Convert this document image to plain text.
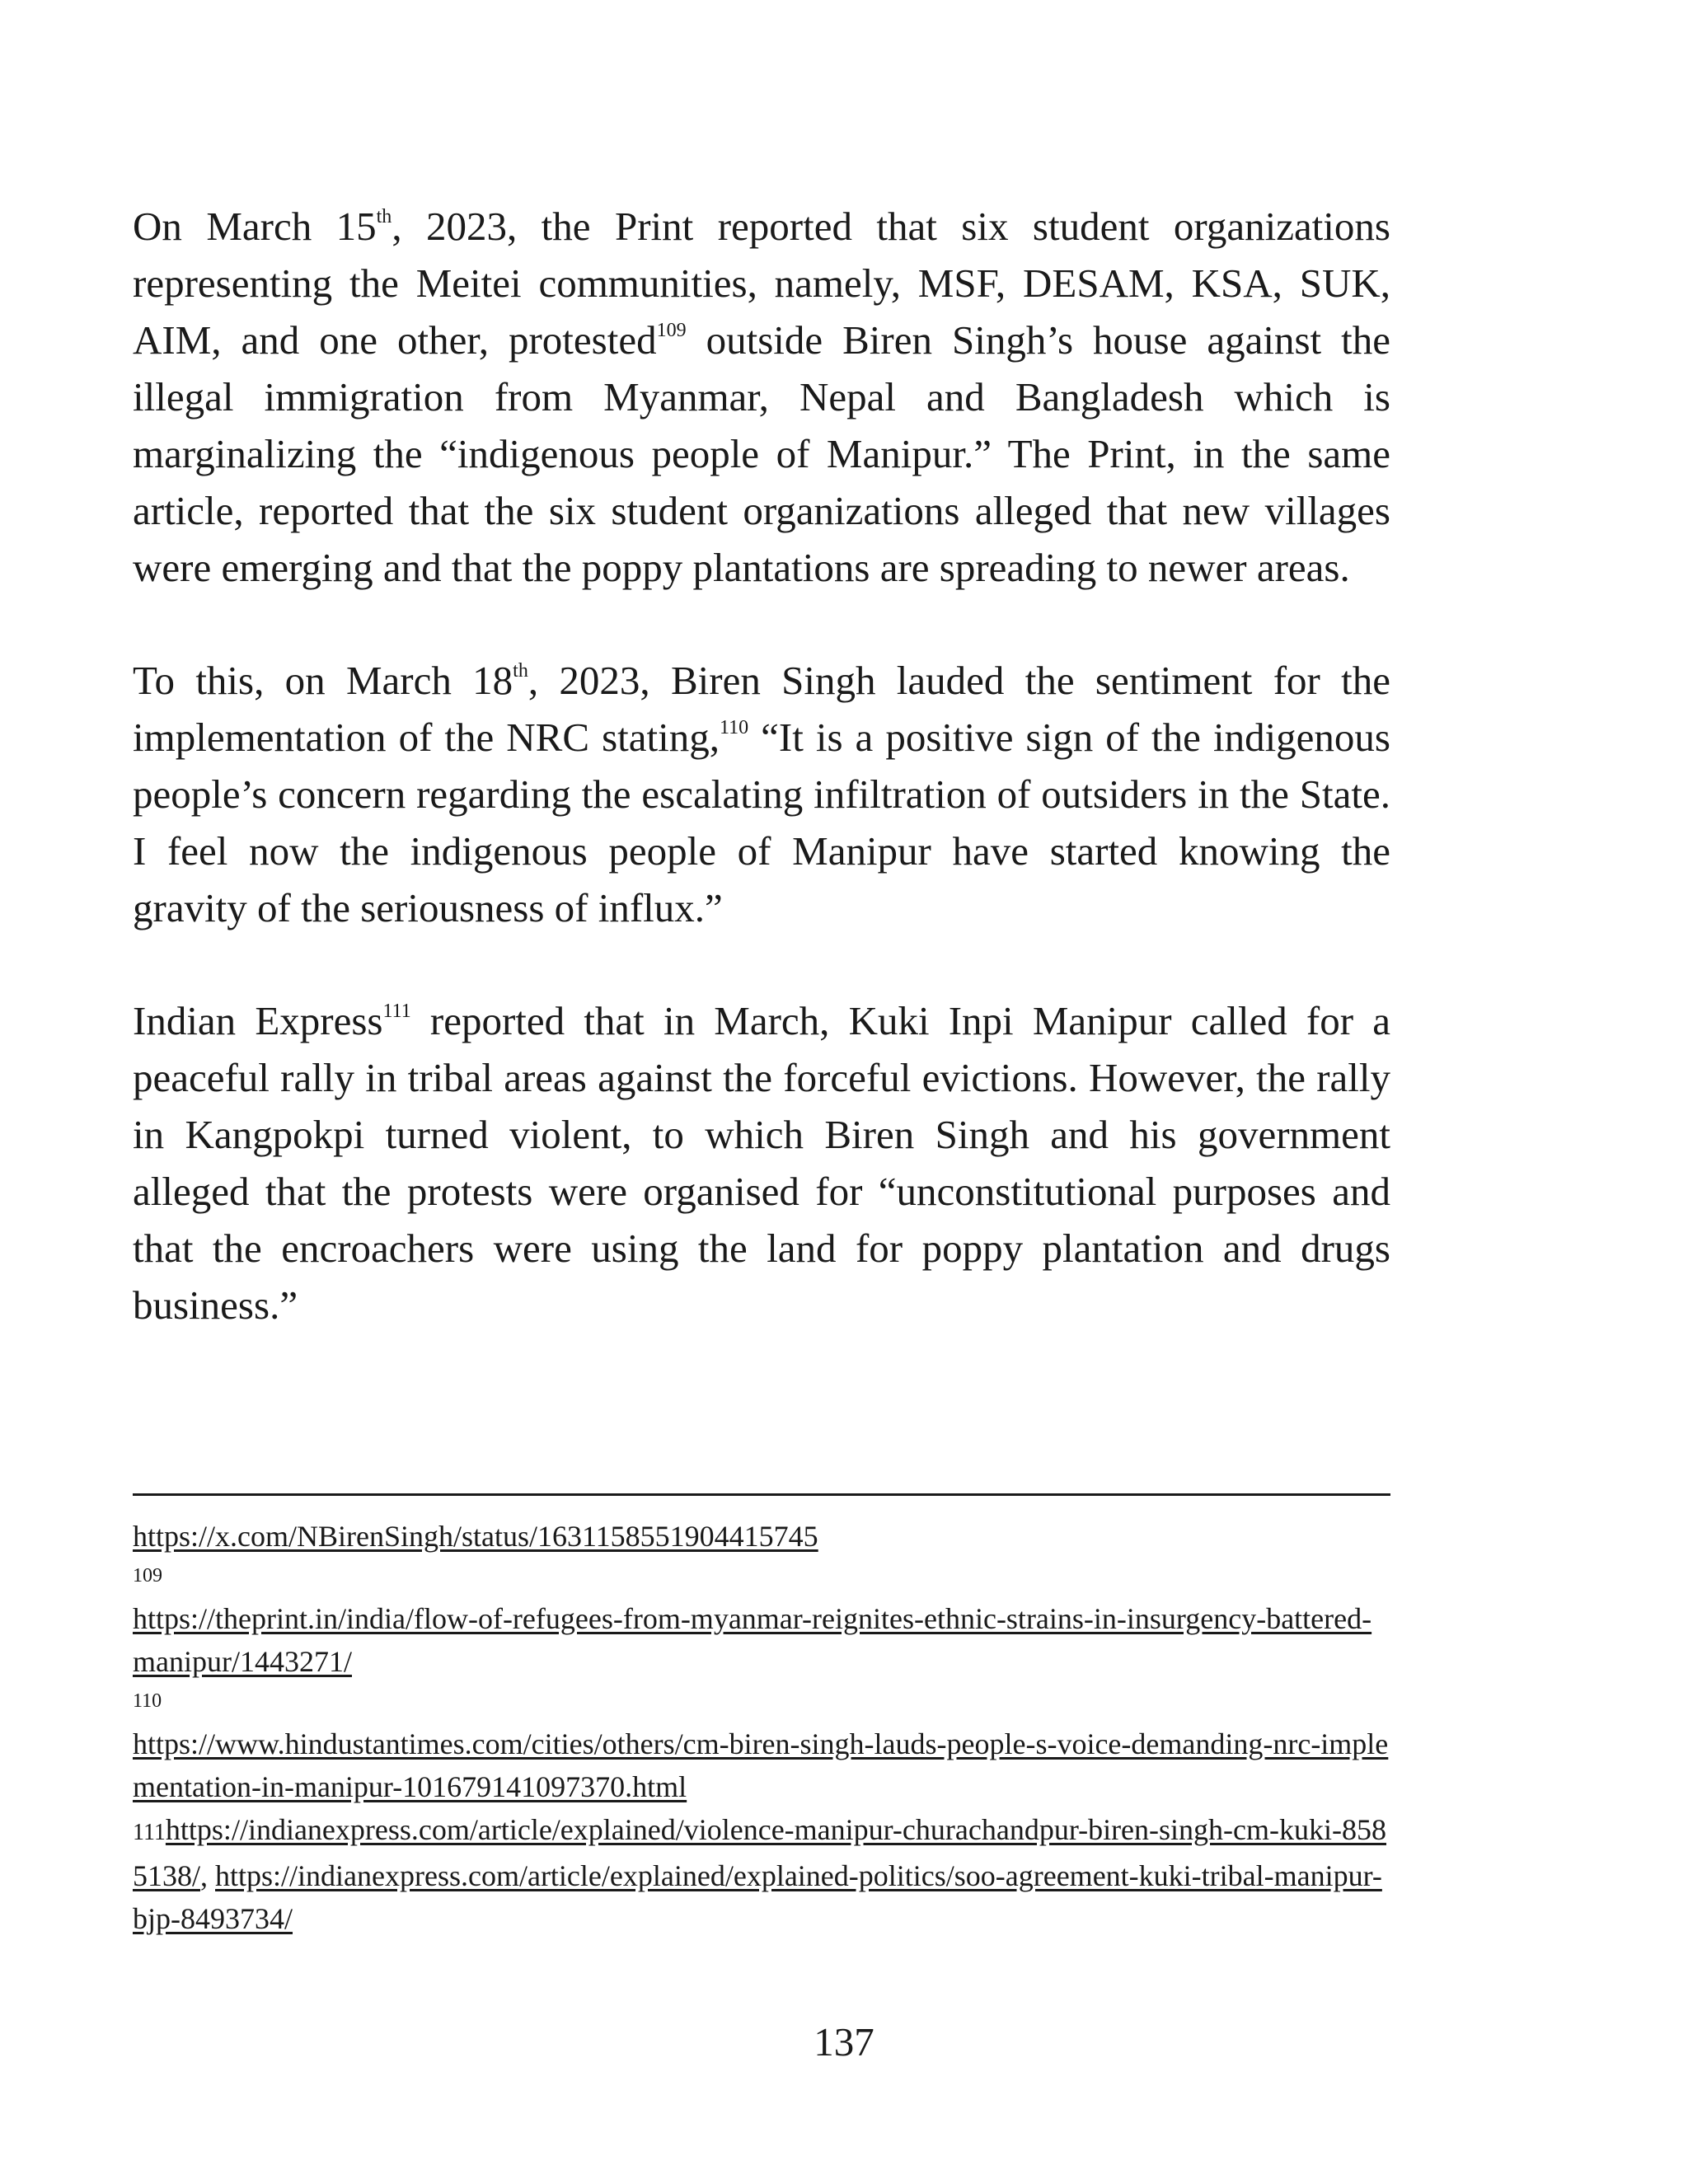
On March 15th, 2023, the Print reported that six student organizations representing the Meitei communities, namely, MSF, DESAM, KSA, SUK, AIM, and one other, protested$^{109}$ outside Biren Singh’s house against the illegal immigration from Myanmar, Nepal and Bangladesh which is marginalizing the “indigenous people of Manipur.” The Print, in the same article, reported that the six student organizations alleged that new villages were emerging and that the poppy plantations are spreading to newer areas.

To this, on March 18th, 2023, Biren Singh lauded the sentiment for the implementation of the NRC stating,$^{110}$ “It is a positive sign of the indigenous people’s concern regarding the escalating infiltration of outsiders in the State. I feel now the indigenous people of Manipur have started knowing the gravity of the seriousness of influx.”

Indian Express$^{111}$ reported that in March, Kuki Inpi Manipur called for a peaceful rally in tribal areas against the forceful evictions. However, the rally in Kangpokpi turned violent, to which Biren Singh and his government alleged that the protests were organised for “unconstitutional purposes and that the encroachers were using the land for poppy plantation and drugs business.”

https://x.com/NBirenSingh/status/1631158551904415745
109
https://theprint.in/india/flow-of-refugees-from-myanmar-reignites-ethnic-strains-in-insurgency-battered-manipur/1443271/
110
https://www.hindustantimes.com/cities/others/cm-biren-singh-lauds-people-s-voice-demanding-nrc-implementation-in-manipur-101679141097370.html
111https://indianexpress.com/article/explained/violence-manipur-churachandpur-biren-singh-cm-kuki-8585138/, https://indianexpress.com/article/explained/explained-politics/soo-agreement-kuki-tribal-manipur-bjp-8493734/
137
